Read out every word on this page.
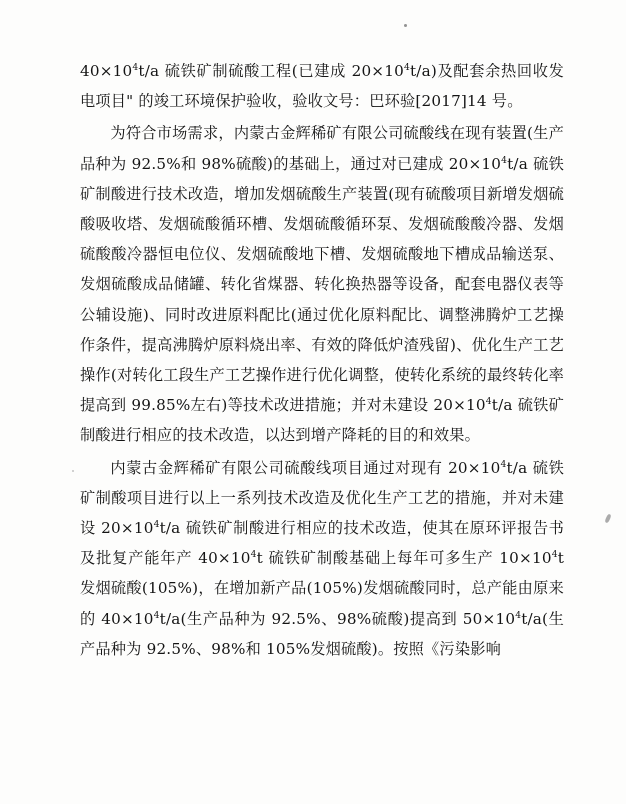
$40\times 10^4t/a$ 硫铁矿制硫酸工程(已建成 $20\times 10^4t/a$)及配套余热回收发电项目" 的竣工环境保护验收，验收文号：巴环验[2017]14 号。

为符合市场需求，内蒙古金辉稀矿有限公司硫酸线在现有装置(生产品种为 92.5%和 98%硫酸)的基础上，通过对已建成 $20\times 10^4t/a$ 硫铁矿制酸进行技术改造，增加发烟硫酸生产装置(现有硫酸项目新增发烟硫酸吸收塔、发烟硫酸循环槽、发烟硫酸循环泵、发烟硫酸酸冷器、发烟硫酸酸冷器恒电位仪、发烟硫酸地下槽、发烟硫酸地下槽成品输送泵、发烟硫酸成品储罐、转化省煤器、转化换热器等设备，配套电器仪表等公辅设施)、同时改进原料配比(通过优化原料配比、调整沸腾炉工艺操作条件，提高沸腾炉原料烧出率、有效的降低炉渣残留)、优化生产工艺操作(对转化工段生产工艺操作进行优化调整，使转化系统的最终转化率提高到 99.85%左右)等技术改进措施；并对未建设 $20\times 10^4t/a$ 硫铁矿制酸进行相应的技术改造，以达到增产降耗的目的和效果。

内蒙古金辉稀矿有限公司硫酸线项目通过对现有 $20\times 10^4t/a$ 硫铁矿制酸项目进行以上一系列技术改造及优化生产工艺的措施，并对未建设 $20\times 10^4t/a$ 硫铁矿制酸进行相应的技术改造，使其在原环评报告书及批复产能年产 $40\times 10^4t$ 硫铁矿制酸基础上每年可多生产 $10\times 10^4t$ 发烟硫酸(105%)，在增加新产品(105%)发烟硫酸同时，总产能由原来的 $40\times 10^4t/a$(生产品种为 92.5%、98%硫酸)提高到 $50\times 10^4t/a$(生产品种为 92.5%、98%和 105%发烟硫酸)。按照《污染影响
